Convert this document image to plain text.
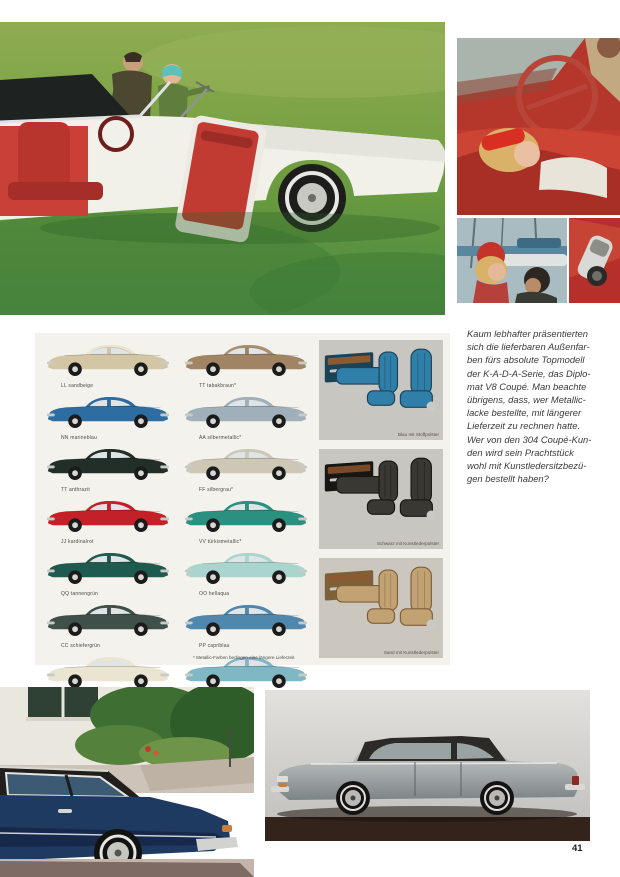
LL sandbeige
NN marineblau
TT anthrazit
JJ kardinalrot
QQ tannengrün
CC schiefergrün
TT tabakbraun*
AA silbermetallic*
FF silbergrau*
VV türkismetallic*
OO hellaqua
PP capriblau
Blau mit Stoffpolster
Schwarz mit Kunstlederpolster
Sand mit Kunstlederpolster
* Metallic-Farben bedingen eine längere Lieferzeit
Kaum lebhafter präsentierten
sich die lieferbaren Außenfar-
ben fürs absolute Topmodell
der K-A-D-A-Serie, das Diplo-
mat V8 Coupé. Man beachte
übrigens, dass, wer Metallic-
lacke bestellte, mit längerer
Lieferzeit zu rechnen hatte.
Wer von den 304 Coupé-Kun-
den wird sein Prachtstück
wohl mit Kunstledersitzbezü-
gen bestellt haben?
41
